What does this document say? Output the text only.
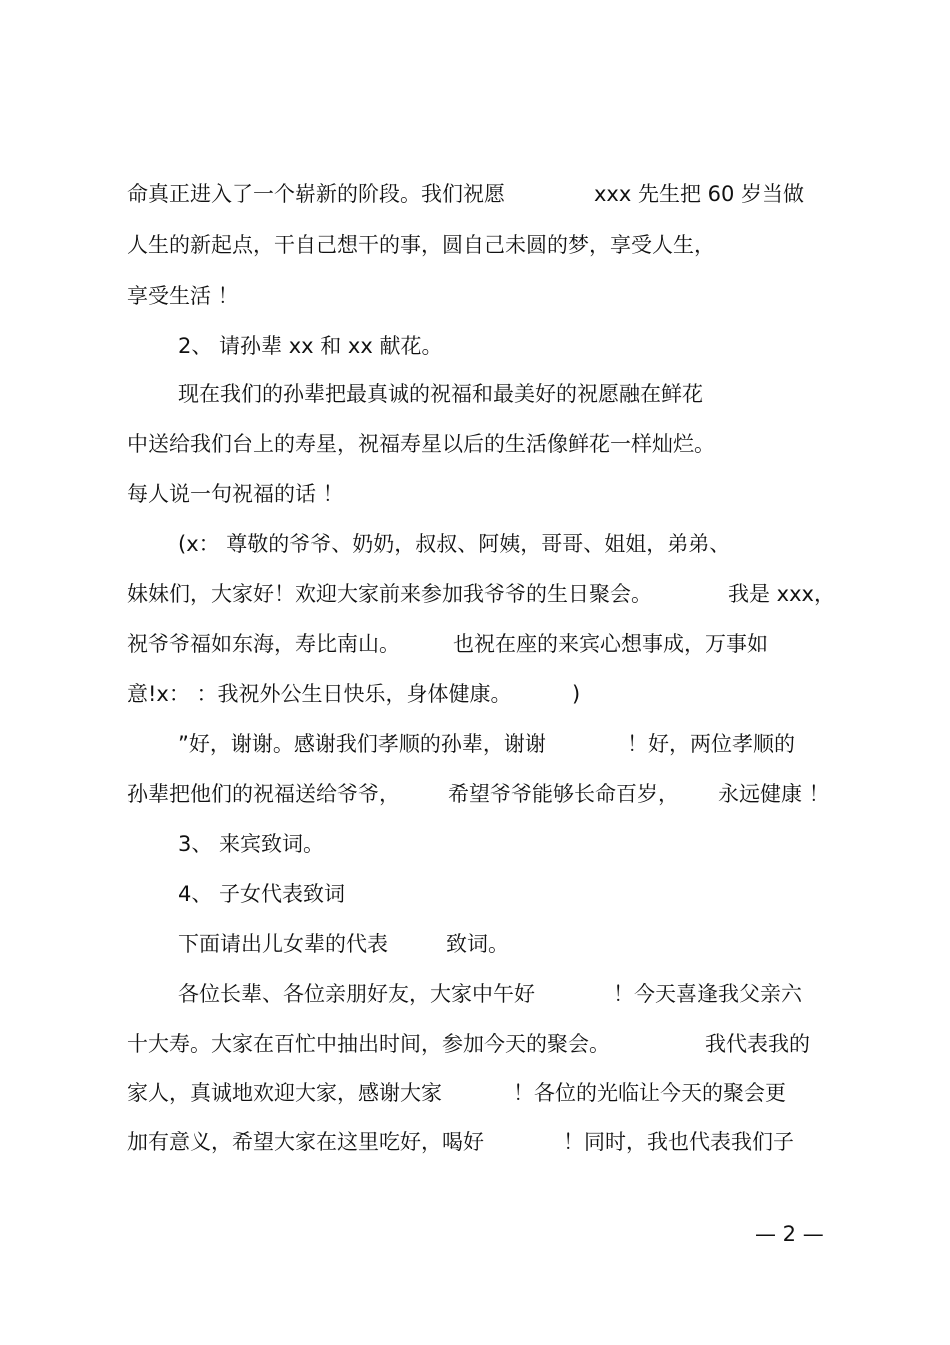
命真正进入了一个崭新的阶段。我们祝愿	xxx 先生把 60 岁当做
人生的新起点，干自己想干的事，圆自己未圆的梦，享受人生，
享受生活 ！
2、 请孙辈 xx 和 xx 献花。
现在我们的孙辈把最真诚的祝福和最美好的祝愿融在鲜花
中送给我们台上的寿星，祝福寿星以后的生活像鲜花一样灿烂。
每人说一句祝福的话 ！
(x： 尊敬的爷爷、奶奶，叔叔、阿姨，哥哥、姐姐，弟弟、
妹妹们，大家好！欢迎大家前来参加我爷爷的生日聚会。	我是 xxx，
祝爷爷福如东海，寿比南山。	也祝在座的来宾心想事成，万事如
意!x： ：我祝外公生日快乐，身体健康。	)
”好，谢谢。感谢我们孝顺的孙辈，谢谢	！好，两位孝顺的
孙辈把他们的祝福送给爷爷， 希望爷爷能够长命百岁， 永远健康 ！
3、 来宾致词。
4、 子女代表致词
下面请出儿女辈的代表	致词。
各位长辈、各位亲朋好友，大家中午好	！今天喜逢我父亲六
十大寿。大家在百忙中抽出时间，参加今天的聚会。	我代表我的
家人，真诚地欢迎大家，感谢大家	！各位的光临让今天的聚会更
加有意义，希望大家在这里吃好，喝好	！同时，我也代表我们子
— 2 —
